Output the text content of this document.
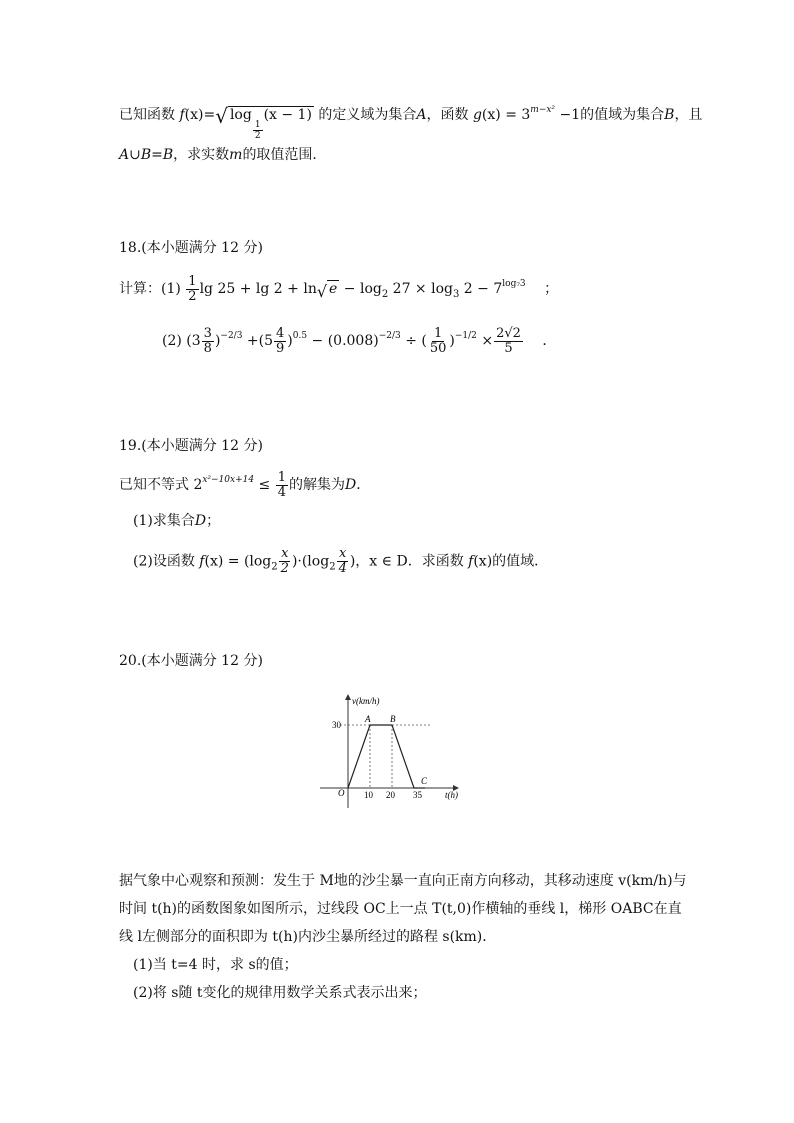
已知函数 f(x)=√ log
$\frac{1}{2}$
(x − 1) 的定义域为集合A，函数 $g(x) = 3^{m-x^2} -1$的值域为集合B，且
A∪B=B，求实数m的取值范围．
18.(本小题满分 12 分)
计算：$(1) \frac{1}{2}$ lg 25 + lg 2 + ln√ $e - \log_2 27 \times \log_3 2 - 7^{log_73}$ ；
(2) $(3 \frac{3}{8} )^{-2/3} +(5 \frac{4}{9} )^{0.5} - (0.008)^{-2/3}$ ÷ ( $\frac{1}{50} )^{-1/2} \times \frac{2√2}{5}$ ．
19.(本小题满分 12 分)
已知不等式 $2^{x^2-10x+14} \le \frac{1}{4}$ 的解集为D．
(1)求集合D；
(2)设函数 $f(x) = (\log_2 \frac{x}{2} )\cdot(\log_2 \frac{x}{4}$ )，x ∈ D．求函数 f(x)的值域．
20.(本小题满分 12 分)
v(km/h)
t(h)
O
30
10 20 35
A B
C
据气象中心观察和预测：发生于 M地的沙尘暴一直向正南方向移动，其移动速度 v(km/h)与
时间 t(h)的函数图象如图所示，过线段 OC上一点 T(t,0)作横轴的垂线 l，梯形 OABC在直
线 l左侧部分的面积即为 t(h)内沙尘暴所经过的路程 s(km)．
(1)当 t=4 时，求 s的值；
(2)将 s随 t变化的规律用数学关系式表示出来；
